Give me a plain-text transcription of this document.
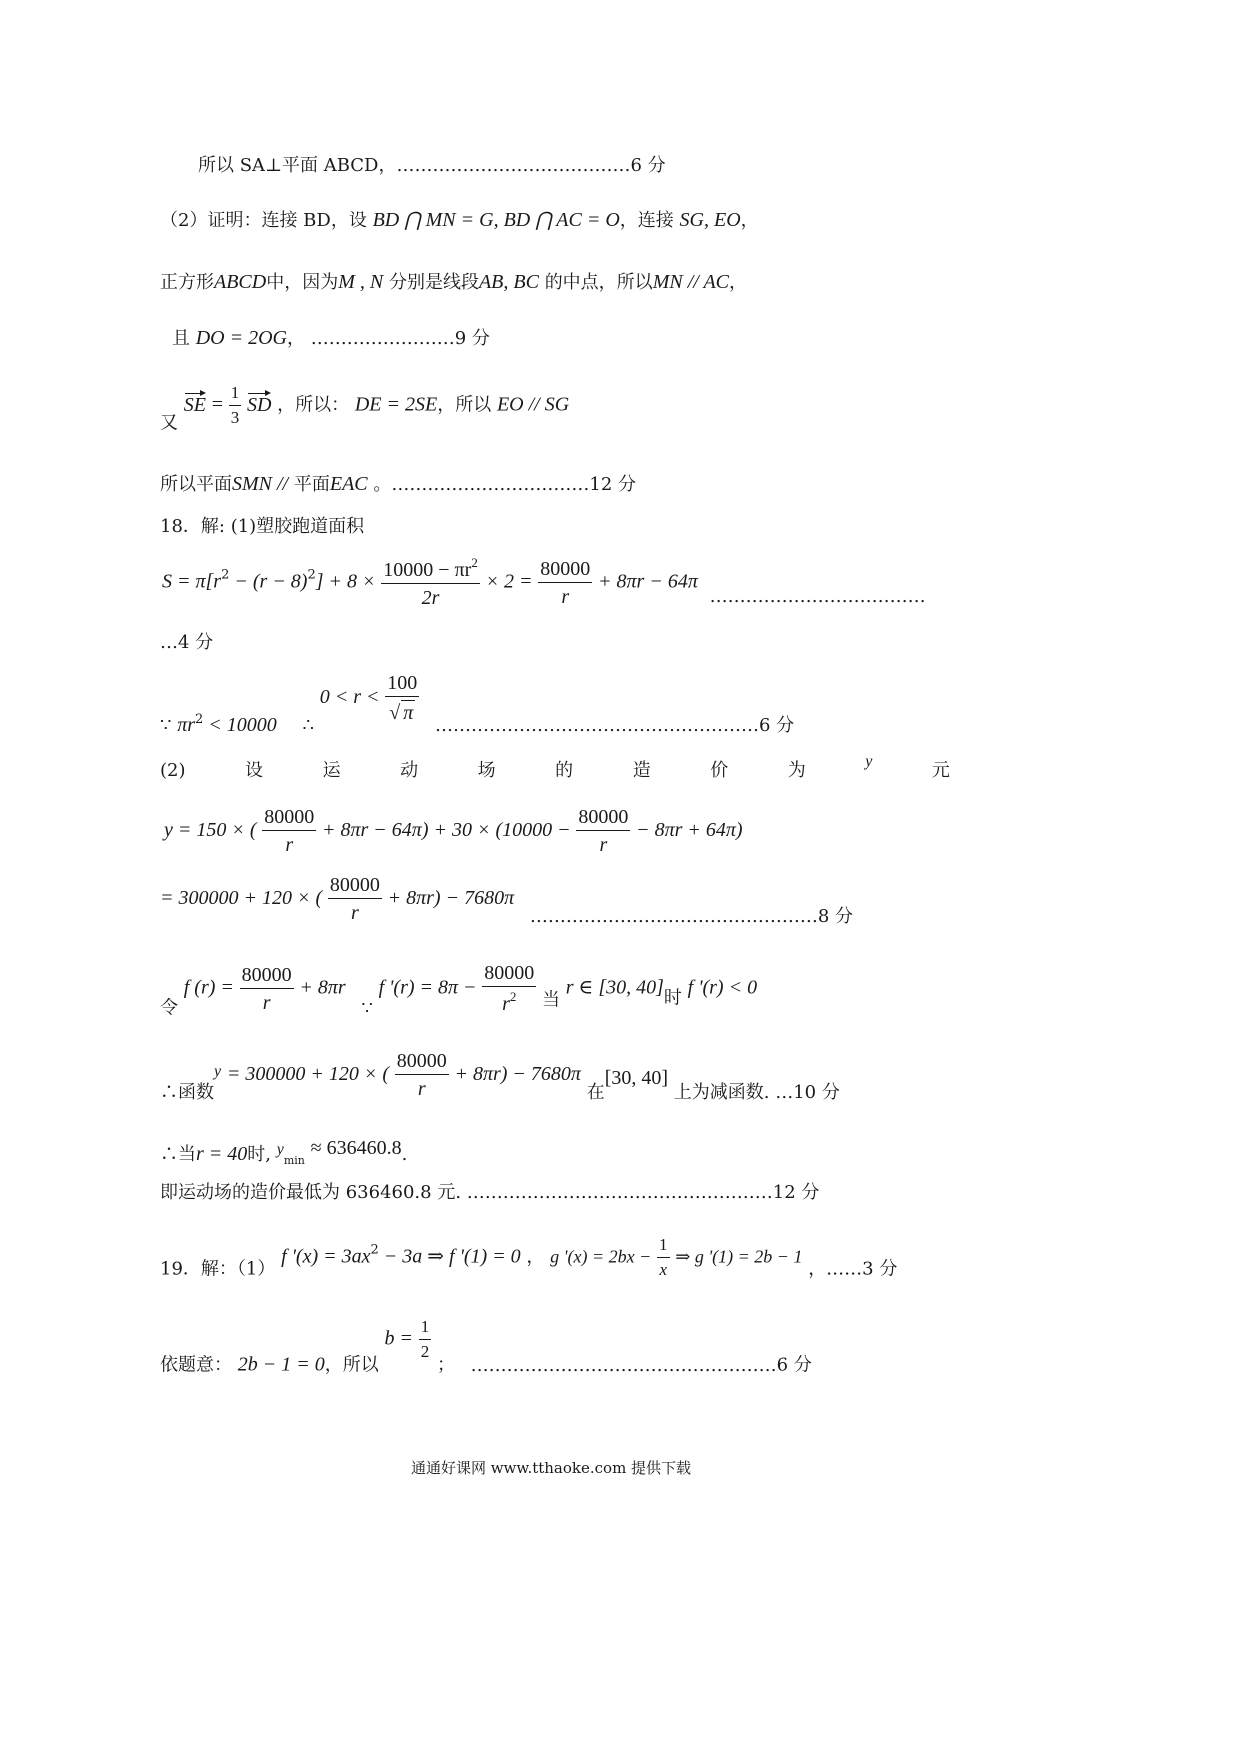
所以 SA⊥平面 ABCD，…………………………………6 分
（2）证明：连接 BD，设 BD ⋂ MN = G, BD ⋂ AC = O，连接 SG, EO，
正方形ABCD中，因为M , N 分别是线段AB, BC 的中点，所以MN // AC，
且 DO = 2OG， ……………………9 分
又 SE = $\frac{1}{3}$ SD ，所以： DE = 2SE，所以 EO // SG
所以平面SMN // 平面EAC 。……………………………12 分
18．解: (1)塑胶跑道面积
$S = \pi[r^2 - (r - 8)^2] + 8 \times \frac{10000 - \pi r^2}{2r} \times 2 = \frac{80000}{r} + 8\pi r - 64\pi$ ………………………………
…4 分
∵ $\pi r_2 < 10000$ ∴ $0 < r < \frac{100}{√ \pi}$
………………………………………………6 分
(2)	设	运	动	场	的	造	价	为	y	元
y = 150 × ( $\frac{80000}{r} + 8\pi r - 64\pi) + 30 \times (10000 - \frac{80000}{r} - 8\pi r + 64\pi)$
= 300000 + 120 × ( $\frac{80000}{r} + 8\pi r) - 7680\pi$ …………………………………………8 分
令 f $(r) = \frac{80000}{r} + 8\pi r$ ∵ f '$(r) = 8\pi - \frac{80000}{r^2}$ 当 r ∈ [30, 40]时 f '(r) < 0
∴函数y = 300000 + 120 × ( $\frac{80000}{r} + 8\pi r) - 7680\pi$ 在[30, 40] 上为减函数. …10 分
∴当r = 40时, $y_{min} \approx 636460.8$.
即运动场的造价最低为 636460.8 元. ……………………………………………12 分
19．解：（1） f '$(x) = 3ax^2 - 3a$ ⇒ f '(1) = 0 ， g '$(x) = 2bx - \frac{1}{x}$ ⇒ g '(1) = 2b − 1 ，……3 分
依题意： 2b − 1 = 0，所以 $b = \frac{1}{2}$
； ……………………………………………6 分
通通好课网 www.tthaoke.com 提供下载
